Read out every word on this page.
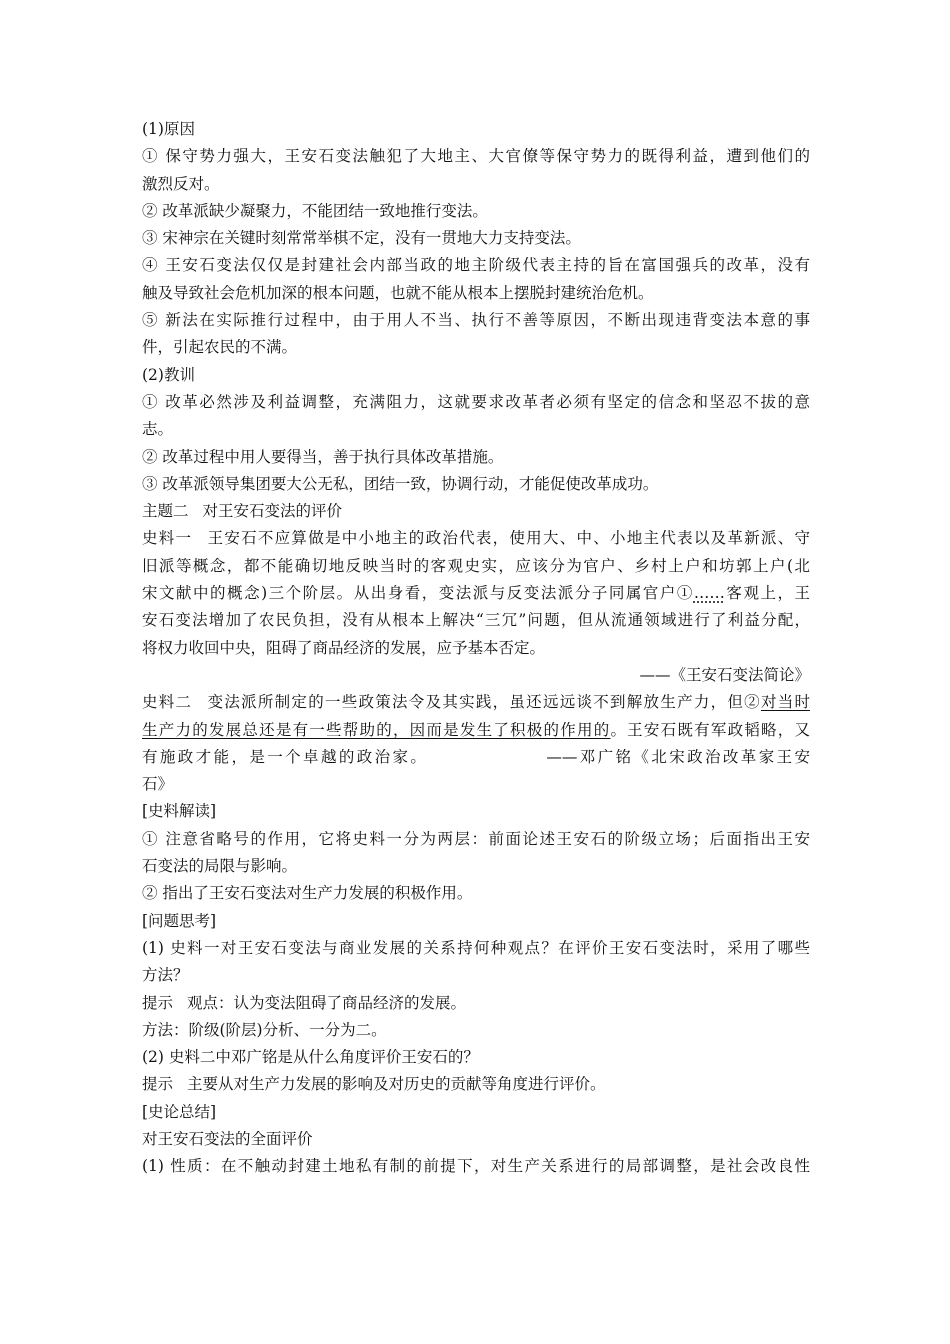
(1)原因
① 保守势力强大，王安石变法触犯了大地主、大官僚等保守势力的既得利益，遭到他们的
激烈反对。
② 改革派缺少凝聚力，不能团结一致地推行变法。
③ 宋神宗在关键时刻常常举棋不定，没有一贯地大力支持变法。
④ 王安石变法仅仅是封建社会内部当政的地主阶级代表主持的旨在富国强兵的改革，没有
触及导致社会危机加深的根本问题，也就不能从根本上摆脱封建统治危机。
⑤ 新法在实际推行过程中，由于用人不当、执行不善等原因，不断出现违背变法本意的事
件，引起农民的不满。
(2)教训
① 改革必然涉及利益调整，充满阻力，这就要求改革者必须有坚定的信念和坚忍不拔的意
志。
② 改革过程中用人要得当，善于执行具体改革措施。
③ 改革派领导集团要大公无私，团结一致，协调行动，才能促使改革成功。
主题二 对王安石变法的评价
史料一 王安石不应算做是中小地主的政治代表，使用大、中、小地主代表以及革新派、守
旧派等概念，都不能确切地反映当时的客观史实，应该分为官户、乡村上户和坊郭上户(北
宋文献中的概念)三个阶层。从出身看，变法派与反变法派分子同属官户①……客观上，王
安石变法增加了农民负担，没有从根本上解决“三冗”问题，但从流通领域进行了利益分配，
将权力收回中央，阻碍了商品经济的发展，应予基本否定。
——《王安石变法简论》
史料二 变法派所制定的一些政策法令及其实践，虽还远远谈不到解放生产力，但②对当时
生产力的发展总还是有一些帮助的，因而是发生了积极的作用的。王安石既有军政韬略，又
有施政才能，是一个卓越的政治家。	——邓广铭《北宋政治改革家王安
石》
[史料解读]
① 注意省略号的作用，它将史料一分为两层：前面论述王安石的阶级立场；后面指出王安
石变法的局限与影响。
② 指出了王安石变法对生产力发展的积极作用。
[问题思考]
(1) 史料一对王安石变法与商业发展的关系持何种观点？在评价王安石变法时，采用了哪些
方法？
提示 观点：认为变法阻碍了商品经济的发展。
方法：阶级(阶层)分析、一分为二。
(2) 史料二中邓广铭是从什么角度评价王安石的？
提示 主要从对生产力发展的影响及对历史的贡献等角度进行评价。
[史论总结]
对王安石变法的全面评价
(1) 性质：在不触动封建土地私有制的前提下，对生产关系进行的局部调整，是社会改良性
